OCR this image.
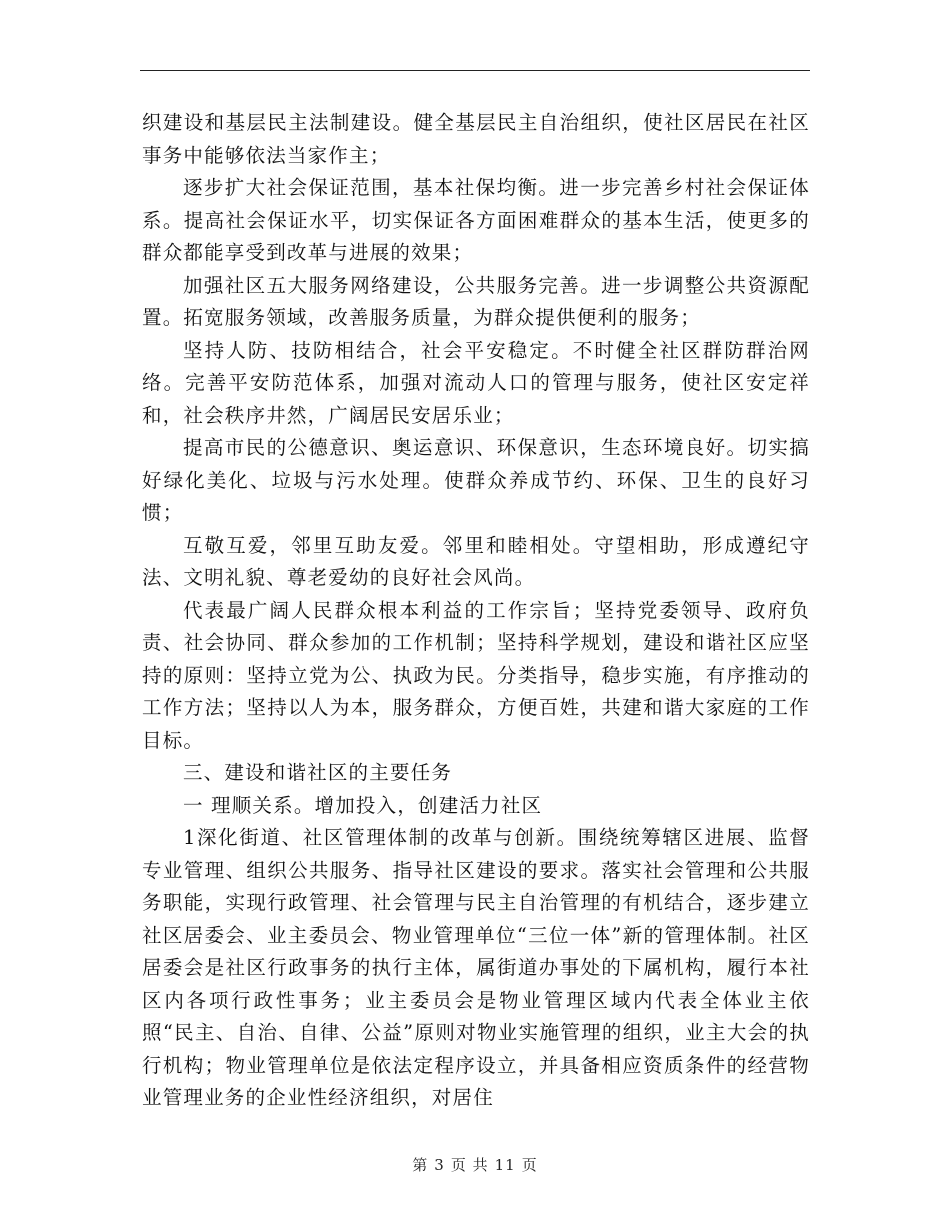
织建设和基层民主法制建设。健全基层民主自治组织，使社区居民在社区事务中能够依法当家作主；

逐步扩大社会保证范围，基本社保均衡。进一步完善乡村社会保证体系。提高社会保证水平，切实保证各方面困难群众的基本生活，使更多的群众都能享受到改革与进展的效果；

加强社区五大服务网络建设，公共服务完善。进一步调整公共资源配置。拓宽服务领域，改善服务质量，为群众提供便利的服务；

坚持人防、技防相结合，社会平安稳定。不时健全社区群防群治网络。完善平安防范体系，加强对流动人口的管理与服务，使社区安定祥和，社会秩序井然，广阔居民安居乐业；

提高市民的公德意识、奥运意识、环保意识，生态环境良好。切实搞好绿化美化、垃圾与污水处理。使群众养成节约、环保、卫生的良好习惯；

互敬互爱，邻里互助友爱。邻里和睦相处。守望相助，形成遵纪守法、文明礼貌、尊老爱幼的良好社会风尚。

代表最广阔人民群众根本利益的工作宗旨；坚持党委领导、政府负责、社会协同、群众参加的工作机制；坚持科学规划，建设和谐社区应坚持的原则：坚持立党为公、执政为民。分类指导，稳步实施，有序推动的工作方法；坚持以人为本，服务群众，方便百姓，共建和谐大家庭的工作目标。

三、建设和谐社区的主要任务

一 理顺关系。增加投入，创建活力社区

1深化街道、社区管理体制的改革与创新。围绕统筹辖区进展、监督专业管理、组织公共服务、指导社区建设的要求。落实社会管理和公共服务职能，实现行政管理、社会管理与民主自治管理的有机结合，逐步建立社区居委会、业主委员会、物业管理单位“三位一体”新的管理体制。社区居委会是社区行政事务的执行主体，属街道办事处的下属机构，履行本社区内各项行政性事务；业主委员会是物业管理区域内代表全体业主依照“民主、自治、自律、公益”原则对物业实施管理的组织，业主大会的执行机构；物业管理单位是依法定程序设立，并具备相应资质条件的经营物业管理业务的企业性经济组织，对居住

第 3 页 共 11 页
